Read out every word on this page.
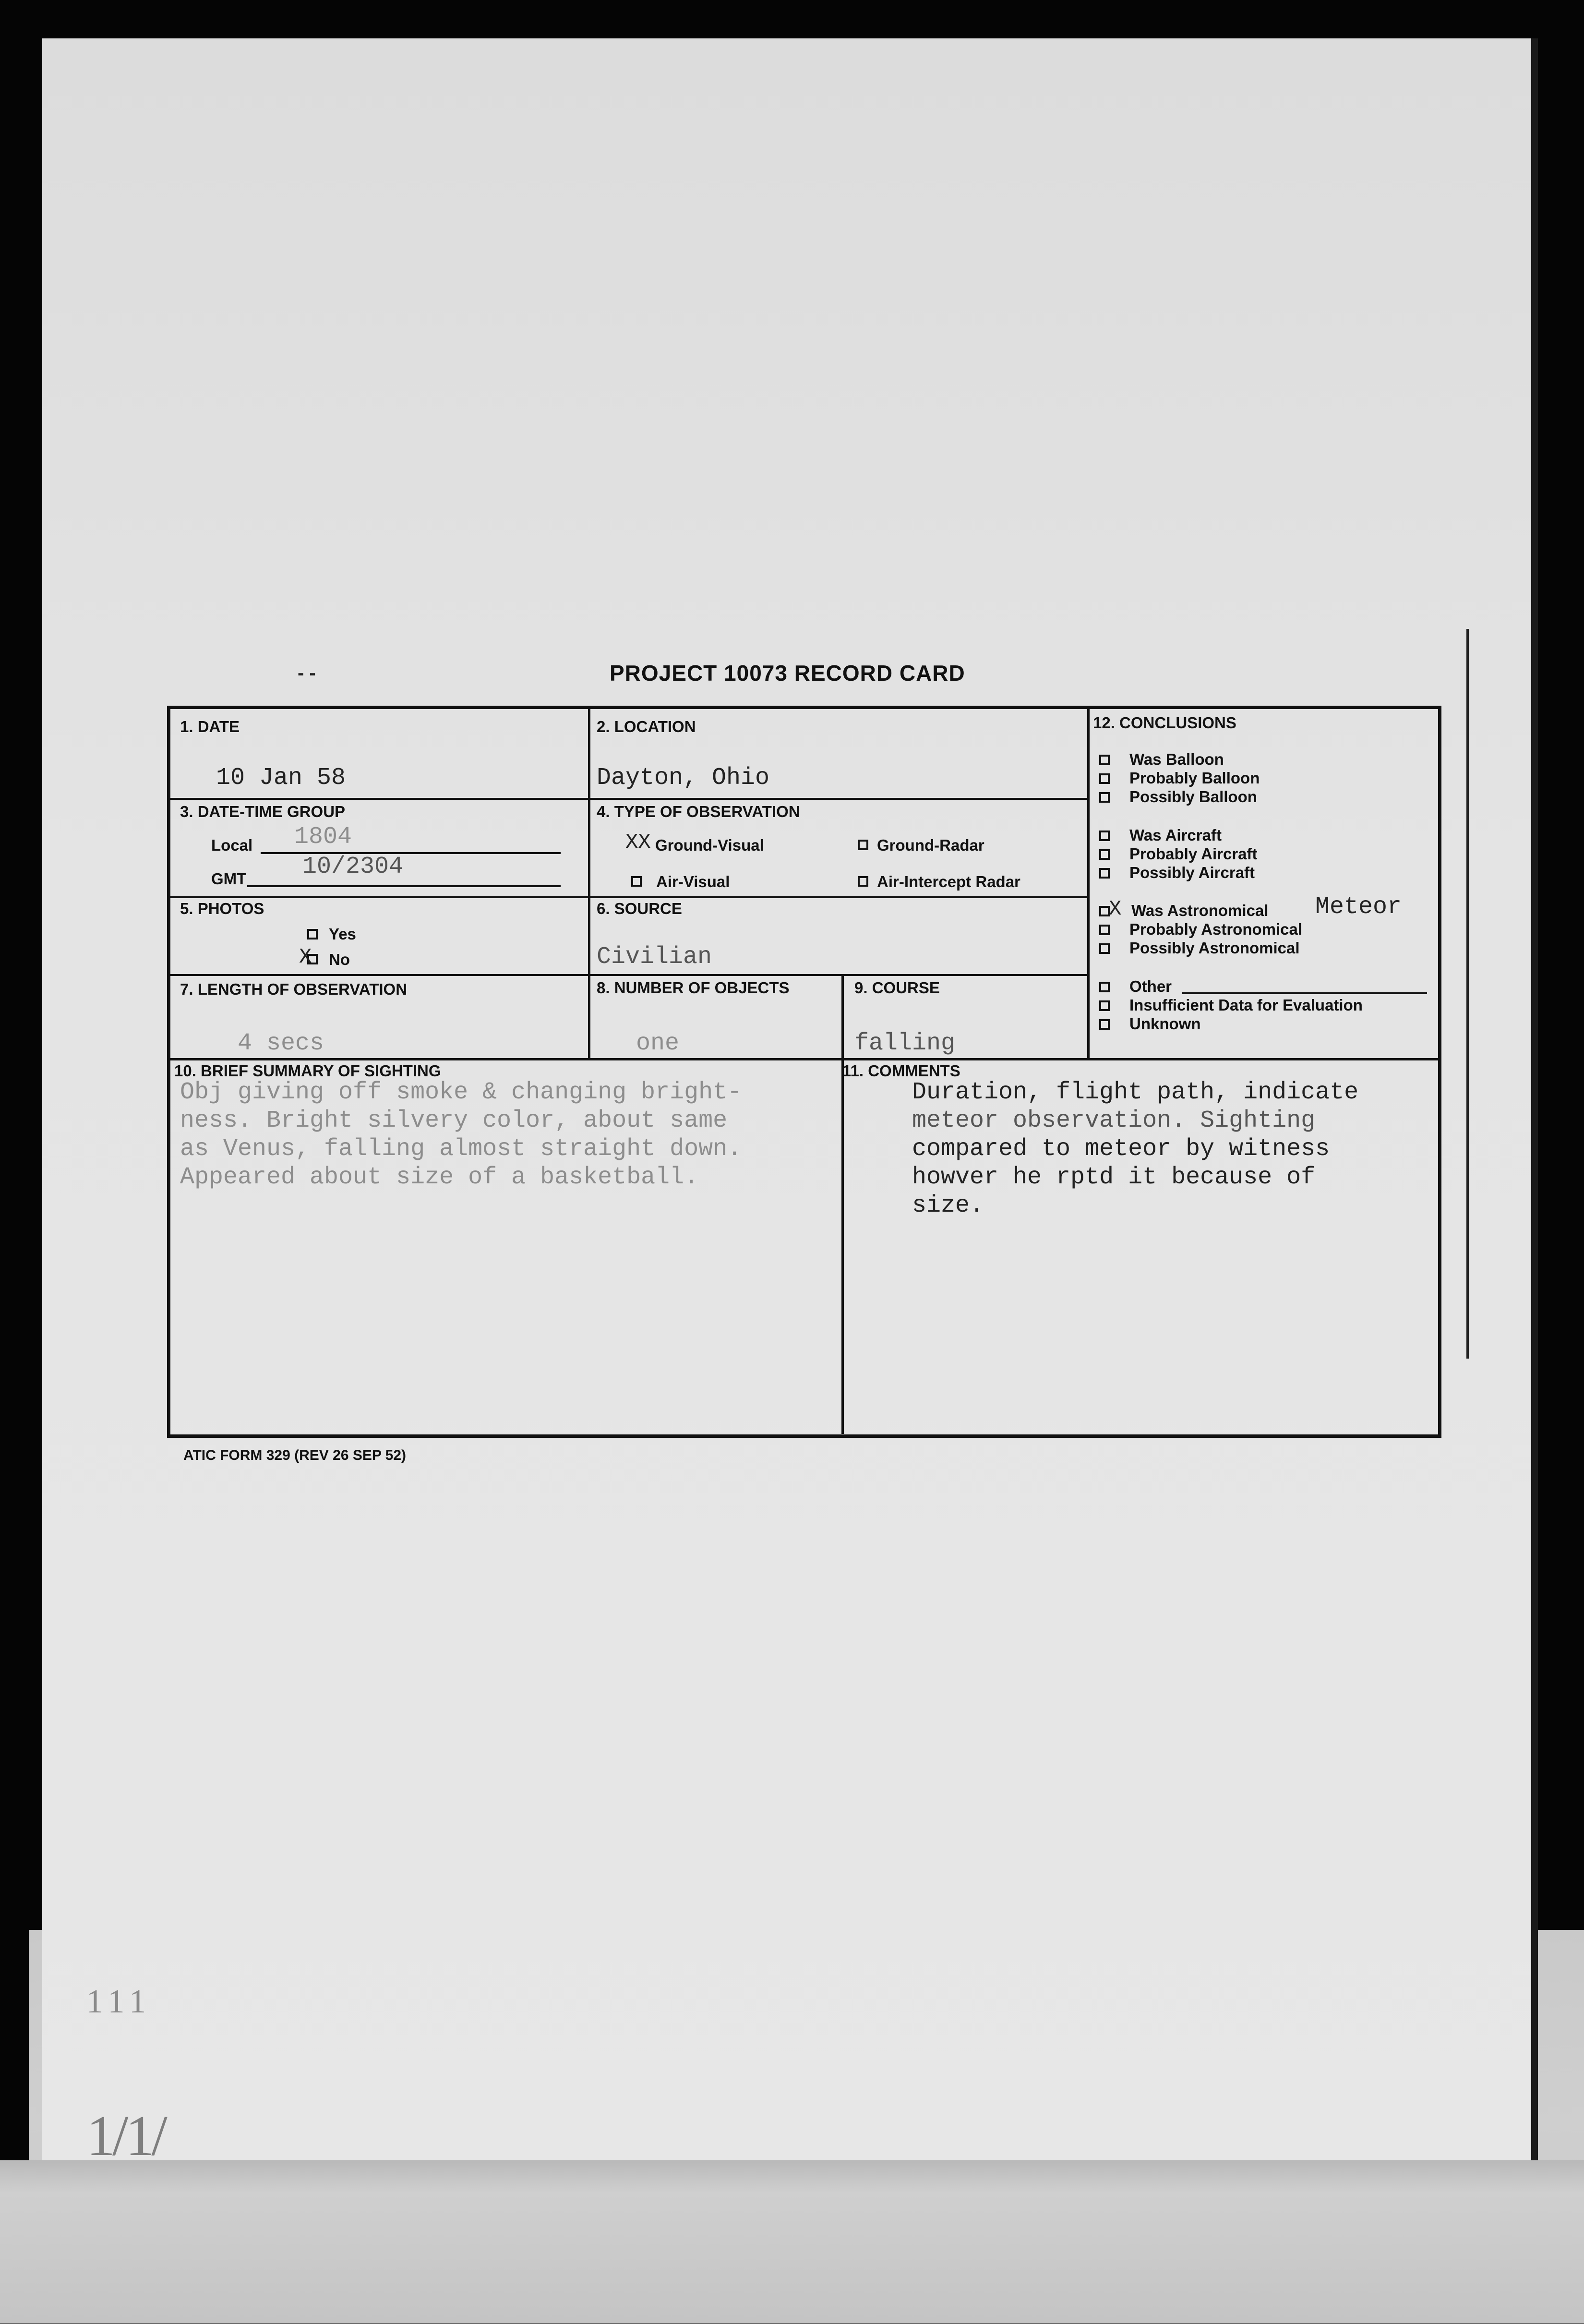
1 1 1
1/1/
- -	PROJECT 10073 RECORD CARD
1. DATE
10 Jan 58
2. LOCATION
Dayton, Ohio
3. DATE-TIME GROUP
Local 1804
GMT 10/2304
4. TYPE OF OBSERVATION
XX Ground-Visual	Ground-Radar
Air-Visual	Air-Intercept Radar
5. PHOTOS
Yes
X No
6. SOURCE
Civilian
7. LENGTH OF OBSERVATION
4 secs
8. NUMBER OF OBJECTS
one
9. COURSE
falling
10. BRIEF SUMMARY OF SIGHTING
Obj giving off smoke & changing bright-
ness. Bright silvery color, about same
as Venus, falling almost straight down.
Appeared about size of a basketball.
11. COMMENTS
Duration, flight path, indicate
meteor observation. Sighting
compared to meteor by witness
howver he rptd it because of
size.
12. CONCLUSIONS
Was Balloon
Probably Balloon
Possibly Balloon
Was Aircraft
Probably Aircraft
Possibly Aircraft
X Was Astronomical Meteor
Probably Astronomical
Possibly Astronomical
Other
Insufficient Data for Evaluation
Unknown
ATIC FORM 329 (REV 26 SEP 52)
